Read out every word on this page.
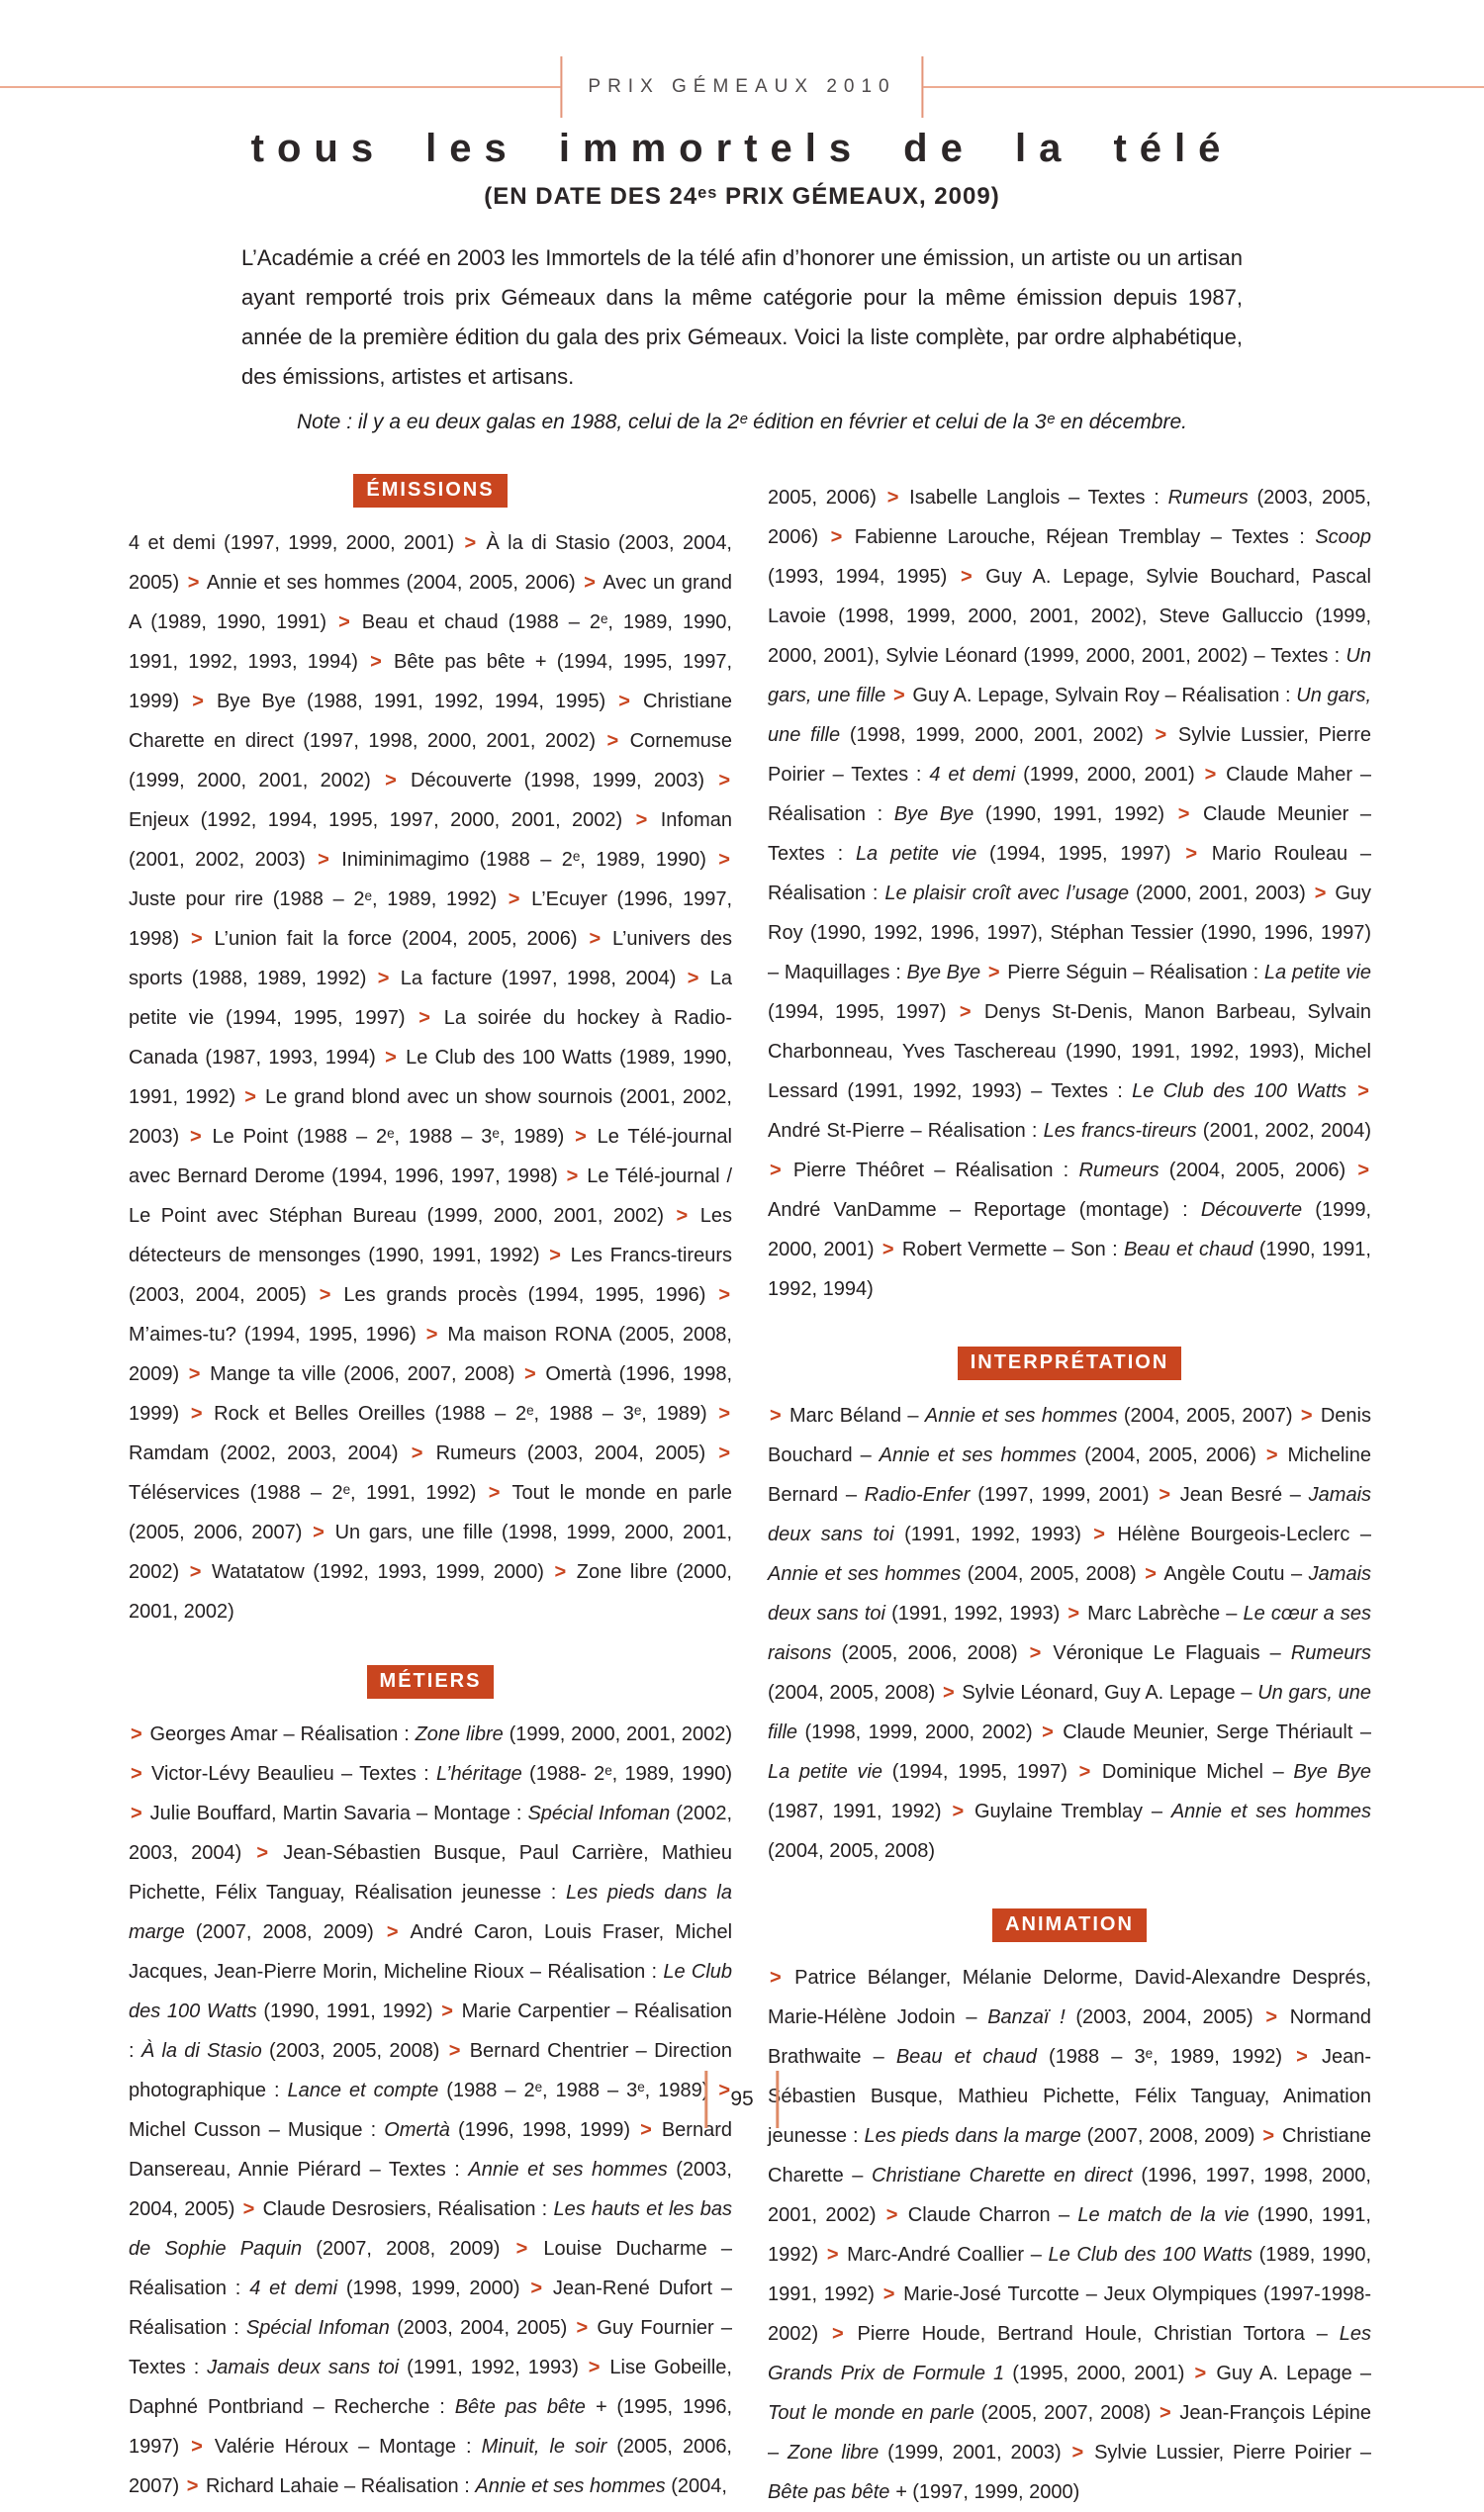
PRIX GÉMEAUX 2010
tous les immortels de la télé
(EN DATE DES 24ᵉˢ PRIX GÉMEAUX, 2009)

L’Académie a créé en 2003 les Immortels de la télé afin d’honorer une émission, un artiste ou un artisan ayant remporté trois prix Gémeaux dans la même catégorie pour la même émission depuis 1987, année de la première édition du gala des prix Gémeaux. Voici la liste complète, par ordre alphabétique, des émissions, artistes et artisans.

Note : il y a eu deux galas en 1988, celui de la 2ᵉ édition en février et celui de la 3ᵉ en décembre.
ÉMISSIONS

4 et demi (1997, 1999, 2000, 2001) > À la di Stasio (2003, 2004, 2005) > Annie et ses hommes (2004, 2005, 2006) > Avec un grand A (1989, 1990, 1991) > Beau et chaud (1988 – 2ᵉ, 1989, 1990, 1991, 1992, 1993, 1994) > Bête pas bête + (1994, 1995, 1997, 1999) > Bye Bye (1988, 1991, 1992, 1994, 1995) > Christiane Charette en direct (1997, 1998, 2000, 2001, 2002) > Cornemuse (1999, 2000, 2001, 2002) > Découverte (1998, 1999, 2003) > Enjeux (1992, 1994, 1995, 1997, 2000, 2001, 2002) > Infoman (2001, 2002, 2003) > Iniminimagimo (1988 – 2ᵉ, 1989, 1990) > Juste pour rire (1988 – 2ᵉ, 1989, 1992) > L’Ecuyer (1996, 1997, 1998) > L’union fait la force (2004, 2005, 2006) > L’univers des sports (1988, 1989, 1992) > La facture (1997, 1998, 2004) > La petite vie (1994, 1995, 1997) > La soirée du hockey à Radio-Canada (1987, 1993, 1994) > Le Club des 100 Watts (1989, 1990, 1991, 1992) > Le grand blond avec un show sournois (2001, 2002, 2003) > Le Point (1988 – 2ᵉ, 1988 – 3ᵉ, 1989) > Le Télé-journal avec Bernard Derome (1994, 1996, 1997, 1998) > Le Télé-journal / Le Point avec Stéphan Bureau (1999, 2000, 2001, 2002) > Les détecteurs de mensonges (1990, 1991, 1992) > Les Francs-tireurs (2003, 2004, 2005) > Les grands procès (1994, 1995, 1996) > M’aimes-tu? (1994, 1995, 1996) > Ma maison RONA (2005, 2008, 2009) > Mange ta ville (2006, 2007, 2008) > Omertà (1996, 1998, 1999) > Rock et Belles Oreilles (1988 – 2ᵉ, 1988 – 3ᵉ, 1989) > Ramdam (2002, 2003, 2004) > Rumeurs (2003, 2004, 2005) > Téléservices (1988 – 2ᵉ, 1991, 1992) > Tout le monde en parle (2005, 2006, 2007) > Un gars, une fille (1998, 1999, 2000, 2001, 2002) > Watatatow (1992, 1993, 1999, 2000) > Zone libre (2000, 2001, 2002)

MÉTIERS

> Georges Amar – Réalisation : Zone libre (1999, 2000, 2001, 2002) > Victor-Lévy Beaulieu – Textes : L’héritage (1988- 2ᵉ, 1989, 1990) > Julie Bouffard, Martin Savaria – Montage : Spécial Infoman (2002, 2003, 2004) > Jean-Sébastien Busque, Paul Carrière, Mathieu Pichette, Félix Tanguay, Réalisation jeunesse : Les pieds dans la marge (2007, 2008, 2009) > André Caron, Louis Fraser, Michel Jacques, Jean-Pierre Morin, Micheline Rioux – Réalisation : Le Club des 100 Watts (1990, 1991, 1992) > Marie Carpentier – Réalisation : À la di Stasio (2003, 2005, 2008) > Bernard Chentrier – Direction photographique : Lance et compte (1988 – 2ᵉ, 1988 – 3ᵉ, 1989) > Michel Cusson – Musique : Omertà (1996, 1998, 1999) > Bernard Dansereau, Annie Piérard – Textes : Annie et ses hommes (2003, 2004, 2005) > Claude Desrosiers, Réalisation : Les hauts et les bas de Sophie Paquin (2007, 2008, 2009) > Louise Ducharme – Réalisation : 4 et demi (1998, 1999, 2000) > Jean-René Dufort – Réalisation : Spécial Infoman (2003, 2004, 2005) > Guy Fournier – Textes : Jamais deux sans toi (1991, 1992, 1993) > Lise Gobeille, Daphné Pontbriand – Recherche : Bête pas bête + (1995, 1996, 1997) > Valérie Héroux – Montage : Minuit, le soir (2005, 2006, 2007) > Richard Lahaie – Réalisation : Annie et ses hommes (2004,

2005, 2006) > Isabelle Langlois – Textes : Rumeurs (2003, 2005, 2006) > Fabienne Larouche, Réjean Tremblay – Textes : Scoop (1993, 1994, 1995) > Guy A. Lepage, Sylvie Bouchard, Pascal Lavoie (1998, 1999, 2000, 2001, 2002), Steve Galluccio (1999, 2000, 2001), Sylvie Léonard (1999, 2000, 2001, 2002) – Textes : Un gars, une fille > Guy A. Lepage, Sylvain Roy – Réalisation : Un gars, une fille (1998, 1999, 2000, 2001, 2002) > Sylvie Lussier, Pierre Poirier – Textes : 4 et demi (1999, 2000, 2001) > Claude Maher – Réalisation : Bye Bye (1990, 1991, 1992) > Claude Meunier – Textes : La petite vie (1994, 1995, 1997) > Mario Rouleau – Réalisation : Le plaisir croît avec l’usage (2000, 2001, 2003) > Guy Roy (1990, 1992, 1996, 1997), Stéphan Tessier (1990, 1996, 1997) – Maquillages : Bye Bye > Pierre Séguin – Réalisation : La petite vie (1994, 1995, 1997) > Denys St-Denis, Manon Barbeau, Sylvain Charbonneau, Yves Taschereau (1990, 1991, 1992, 1993), Michel Lessard (1991, 1992, 1993) – Textes : Le Club des 100 Watts > André St-Pierre – Réalisation : Les francs-tireurs (2001, 2002, 2004) > Pierre Théôret – Réalisation : Rumeurs (2004, 2005, 2006) > André VanDamme – Reportage (montage) : Découverte (1999, 2000, 2001) > Robert Vermette – Son : Beau et chaud (1990, 1991, 1992, 1994)

INTERPRÉTATION

> Marc Béland – Annie et ses hommes (2004, 2005, 2007) > Denis Bouchard – Annie et ses hommes (2004, 2005, 2006) > Micheline Bernard – Radio-Enfer (1997, 1999, 2001) > Jean Besré – Jamais deux sans toi (1991, 1992, 1993) > Hélène Bourgeois-Leclerc – Annie et ses hommes (2004, 2005, 2008) > Angèle Coutu – Jamais deux sans toi (1991, 1992, 1993) > Marc Labrèche – Le cœur a ses raisons (2005, 2006, 2008) > Véronique Le Flaguais – Rumeurs (2004, 2005, 2008) > Sylvie Léonard, Guy A. Lepage – Un gars, une fille (1998, 1999, 2000, 2002) > Claude Meunier, Serge Thériault – La petite vie (1994, 1995, 1997) > Dominique Michel – Bye Bye (1987, 1991, 1992) > Guylaine Tremblay – Annie et ses hommes (2004, 2005, 2008)

ANIMATION

> Patrice Bélanger, Mélanie Delorme, David-Alexandre Després, Marie-Hélène Jodoin – Banzaï ! (2003, 2004, 2005) > Normand Brathwaite – Beau et chaud (1988 – 3ᵉ, 1989, 1992) > Jean-Sébastien Busque, Mathieu Pichette, Félix Tanguay, Animation jeunesse : Les pieds dans la marge (2007, 2008, 2009) > Christiane Charette – Christiane Charette en direct (1996, 1997, 1998, 2000, 2001, 2002) > Claude Charron – Le match de la vie (1990, 1991, 1992) > Marc-André Coallier – Le Club des 100 Watts (1989, 1990, 1991, 1992) > Marie-José Turcotte – Jeux Olympiques (1997-1998-2002) > Pierre Houde, Bertrand Houle, Christian Tortora – Les Grands Prix de Formule 1 (1995, 2000, 2001) > Guy A. Lepage – Tout le monde en parle (2005, 2007, 2008) > Jean-François Lépine – Zone libre (1999, 2001, 2003) > Sylvie Lussier, Pierre Poirier – Bête pas bête + (1997, 1999, 2000)

95
